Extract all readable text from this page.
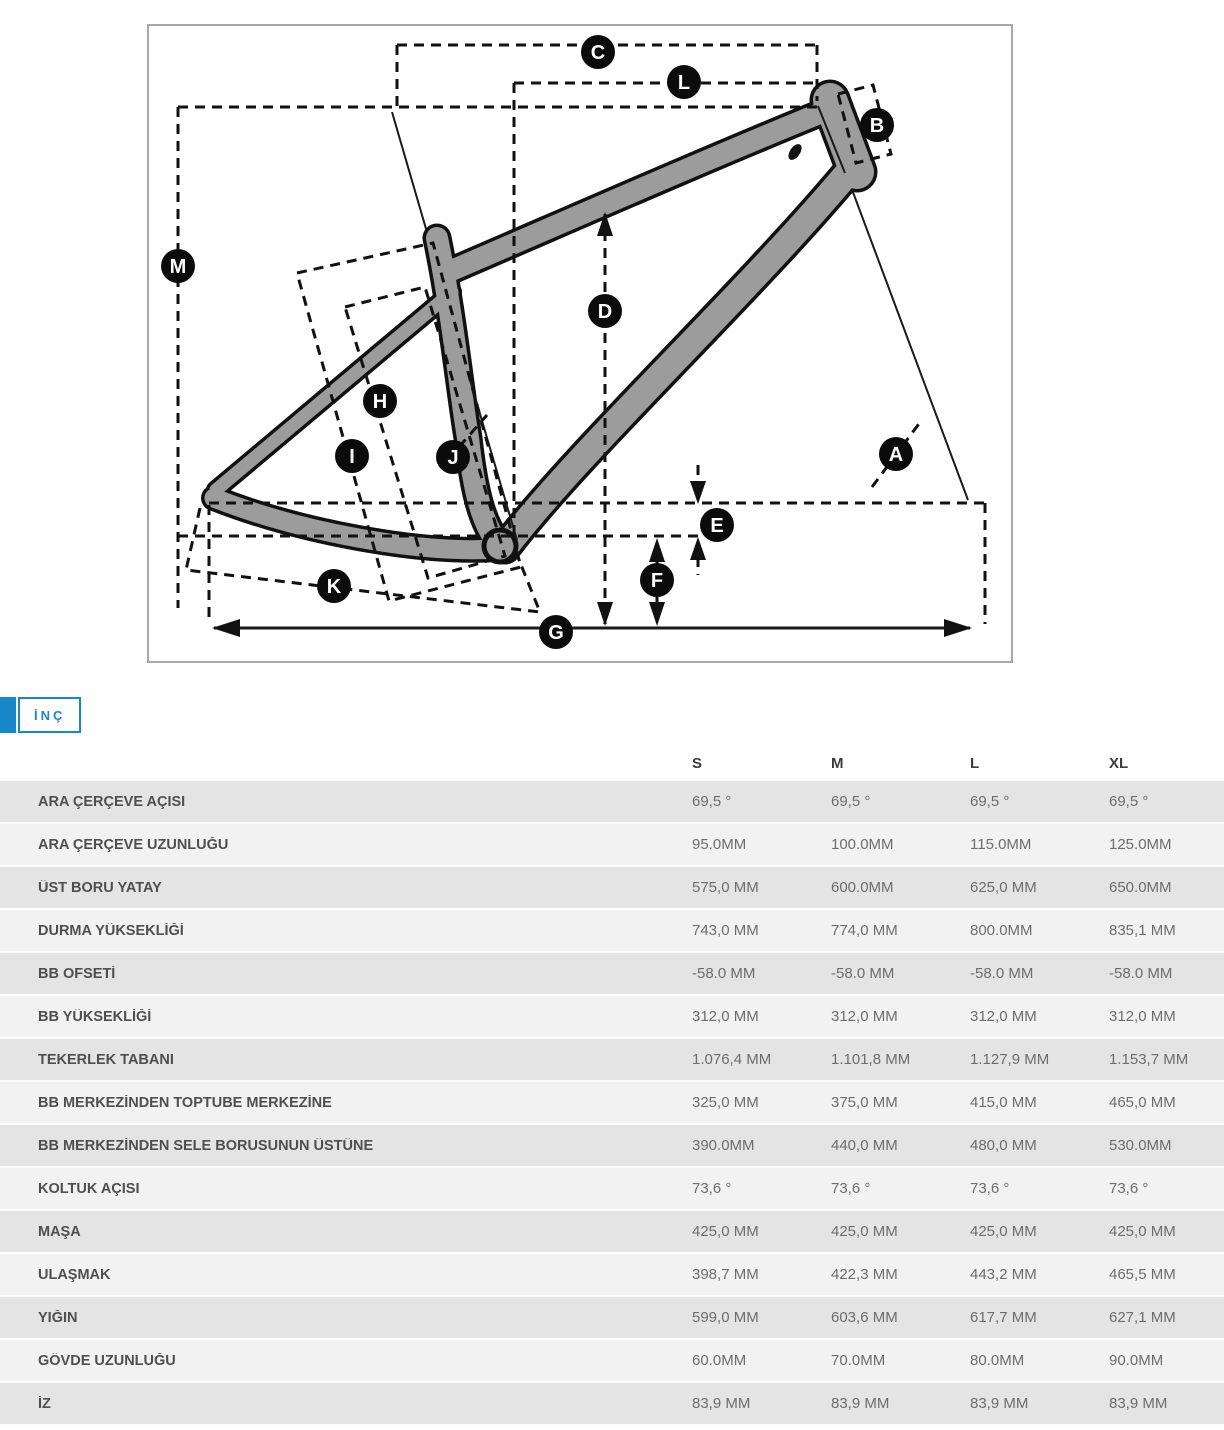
A
B
C
D
E
F
G
H
I	J
K
L
M
İNÇ
S	M	L	XL
ARA ÇERÇEVE AÇISI	69,5 °	69,5 °	69,5 °	69,5 °
ARA ÇERÇEVE UZUNLUĞU	95.0MM	100.0MM	115.0MM	125.0MM
ÜST BORU YATAY	575,0 MM	600.0MM	625,0 MM	650.0MM
DURMA YÜKSEKLİĞİ	743,0 MM	774,0 MM	800.0MM	835,1 MM
BB OFSETİ	-58.0 MM	-58.0 MM	-58.0 MM	-58.0 MM
BB YÜKSEKLİĞİ	312,0 MM	312,0 MM	312,0 MM	312,0 MM
TEKERLEK TABANI	1.076,4 MM	1.101,8 MM	1.127,9 MM	1.153,7 MM
BB MERKEZİNDEN TOPTUBE MERKEZİNE	325,0 MM	375,0 MM	415,0 MM	465,0 MM
BB MERKEZİNDEN SELE BORUSUNUN ÜSTÜNE	390.0MM	440,0 MM	480,0 MM	530.0MM
KOLTUK AÇISI	73,6 °	73,6 °	73,6 °	73,6 °
MAŞA	425,0 MM	425,0 MM	425,0 MM	425,0 MM
ULAŞMAK	398,7 MM	422,3 MM	443,2 MM	465,5 MM
YIĞIN	599,0 MM	603,6 MM	617,7 MM	627,1 MM
GÖVDE UZUNLUĞU	60.0MM	70.0MM	80.0MM	90.0MM
İZ	83,9 MM	83,9 MM	83,9 MM	83,9 MM
